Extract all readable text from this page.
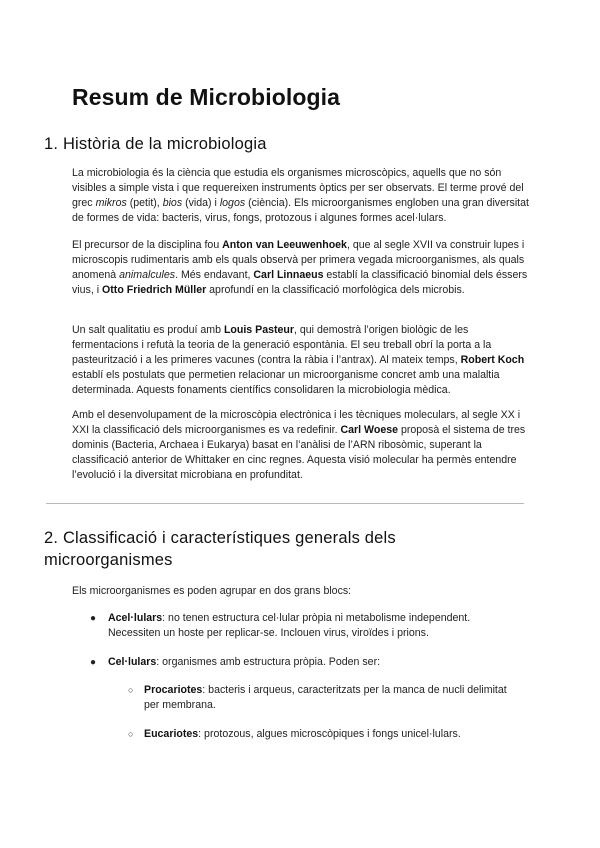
Resum de Microbiologia
1. Història de la microbiologia

La microbiologia és la ciència que estudia els organismes microscòpics, aquells que no són visibles a simple vista i que requereixen instruments òptics per ser observats. El terme prové del grec mikros (petit), bios (vida) i logos (ciència). Els microorganismes engloben una gran diversitat de formes de vida: bacteris, virus, fongs, protozous i algunes formes acel·lulars.

El precursor de la disciplina fou Anton van Leeuwenhoek, que al segle XVII va construir lupes i microscopis rudimentaris amb els quals observà per primera vegada microorganismes, als quals anomenà animalcules. Més endavant, Carl Linnaeus establí la classificació binomial dels éssers vius, i Otto Friedrich Müller aprofundí en la classificació morfològica dels microbis.

Un salt qualitatiu es produí amb Louis Pasteur, qui demostrà l’origen biològic de les fermentacions i refutà la teoria de la generació espontània. El seu treball obrí la porta a la pasteurització i a les primeres vacunes (contra la ràbia i l’antrax). Al mateix temps, Robert Koch establí els postulats que permetien relacionar un microorganisme concret amb una malaltia determinada. Aquests fonaments científics consolidaren la microbiologia mèdica.

Amb el desenvolupament de la microscòpia electrònica i les tècniques moleculars, al segle XX i XXI la classificació dels microorganismes es va redefinir. Carl Woese proposà el sistema de tres dominis (Bacteria, Archaea i Eukarya) basat en l’anàlisi de l’ARN ribosòmic, superant la classificació anterior de Whittaker en cinc regnes. Aquesta visió molecular ha permès entendre l’evolució i la diversitat microbiana en profunditat.

2. Classificació i característiques generals dels
microorganismes

Els microorganismes es poden agrupar en dos grans blocs:

● Acel·lulars: no tenen estructura cel·lular pròpia ni metabolisme independent.
Necessiten un hoste per replicar-se. Inclouen virus, viroïdes i prions.

● Cel·lulars: organismes amb estructura pròpia. Poden ser:

○ Procariotes: bacteris i arqueus, caracteritzats per la manca de nucli delimitat
per membrana.

○ Eucariotes: protozous, algues microscòpiques i fongs unicel·lulars.
